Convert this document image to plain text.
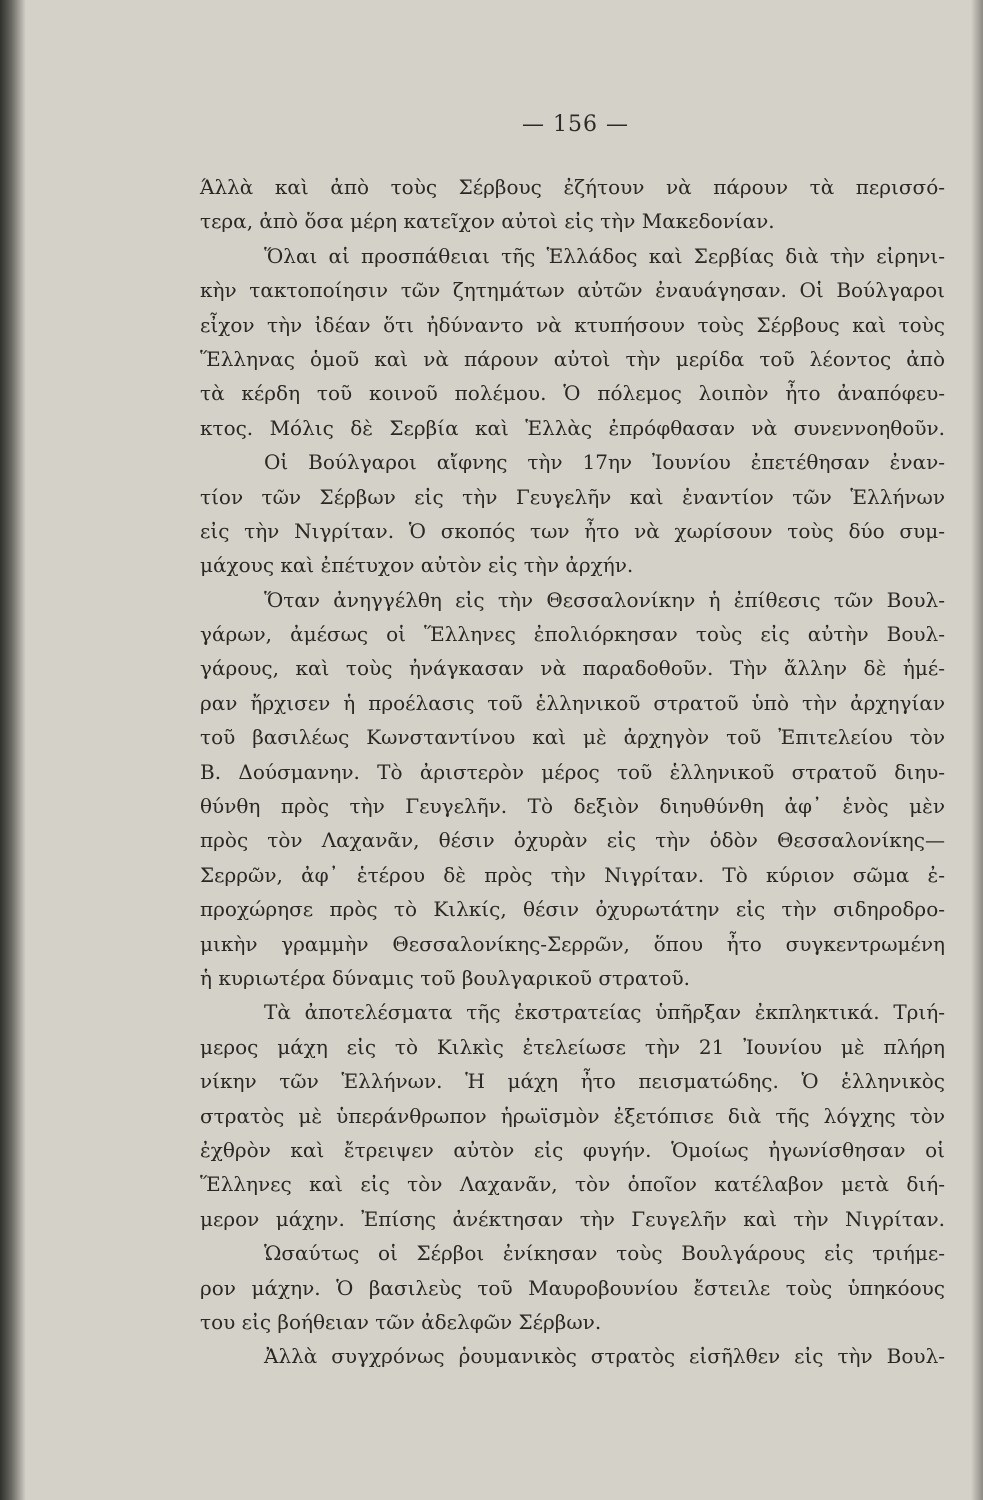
— 156 —
Άλλὰ καὶ ἀπὸ τοὺς Σέρβους ἐζήτουν νὰ πάρουν τὰ περισσό-
τερα, ἀπὸ ὅσα μέρη κατεῖχον αὐτοὶ εἰς τὴν Μακεδονίαν.
Ὅλαι αἱ προσπάθειαι τῆς Ἑλλάδος καὶ Σερβίας διὰ τὴν εἰρηνι-
κὴν τακτοποίησιν τῶν ζητημάτων αὐτῶν ἐναυάγησαν. Οἱ Βούλγαροι
εἶχον τὴν ἰδέαν ὅτι ἠδύναντο νὰ κτυπήσουν τοὺς Σέρβους καὶ τοὺς
Ἕλληνας ὁμοῦ καὶ νὰ πάρουν αὐτοὶ τὴν μερίδα τοῦ λέοντος ἀπὸ
τὰ κέρδη τοῦ κοινοῦ πολέμου. Ὁ πόλεμος λοιπὸν ἦτο ἀναπόφευ-
κτος. Μόλις δὲ Σερβία καὶ Ἑλλὰς ἐπρόφθασαν νὰ συνεννοηθοῦν.
Οἱ Βούλγαροι αἴφνης τὴν 17ην Ἰουνίου ἐπετέθησαν ἐναν-
τίον τῶν Σέρβων εἰς τὴν Γευγελῆν καὶ ἐναντίον τῶν Ἑλλήνων
εἰς τὴν Νιγρίταν. Ὁ σκοπός των ἦτο νὰ χωρίσουν τοὺς δύο συμ-
μάχους καὶ ἐπέτυχον αὐτὸν εἰς τὴν ἀρχήν.
Ὅταν ἀνηγγέλθη εἰς τὴν Θεσσαλονίκην ἡ ἐπίθεσις τῶν Βουλ-
γάρων, ἀμέσως οἱ Ἕλληνες ἐπολιόρκησαν τοὺς εἰς αὐτὴν Βουλ-
γάρους, καὶ τοὺς ἠνάγκασαν νὰ παραδοθοῦν. Τὴν ἄλλην δὲ ἡμέ-
ραν ἤρχισεν ἡ προέλασις τοῦ ἑλληνικοῦ στρατοῦ ὑπὸ τὴν ἀρχηγίαν
τοῦ βασιλέως Κωνσταντίνου καὶ μὲ ἀρχηγὸν τοῦ Ἐπιτελείου τὸν
Β. Δούσμανην. Τὸ ἀριστερὸν μέρος τοῦ ἑλληνικοῦ στρατοῦ διηυ-
θύνθη πρὸς τὴν Γευγελῆν. Τὸ δεξιὸν διηυθύνθη ἀφ᾽ ἑνὸς μὲν
πρὸς τὸν Λαχανᾶν, θέσιν ὀχυρὰν εἰς τὴν ὁδὸν Θεσσαλονίκης—
Σερρῶν, ἀφ᾽ ἑτέρου δὲ πρὸς τὴν Νιγρίταν. Τὸ κύριον σῶμα ἐ-
προχώρησε πρὸς τὸ Κιλκίς, θέσιν ὀχυρωτάτην εἰς τὴν σιδηροδρο-
μικὴν γραμμὴν Θεσσαλονίκης-Σερρῶν, ὅπου ἦτο συγκεντρωμένη
ἡ κυριωτέρα δύναμις τοῦ βουλγαρικοῦ στρατοῦ.
Τὰ ἀποτελέσματα τῆς ἐκστρατείας ὑπῆρξαν ἐκπληκτικά. Τριή-
μερος μάχη εἰς τὸ Κιλκὶς ἐτελείωσε τὴν 21 Ἰουνίου μὲ πλήρη
νίκην τῶν Ἑλλήνων. Ἡ μάχη ἦτο πεισματώδης. Ὁ ἑλληνικὸς
στρατὸς μὲ ὑπεράνθρωπον ἡρωϊσμὸν ἐξετόπισε διὰ τῆς λόγχης τὸν
ἐχθρὸν καὶ ἔτρειψεν αὐτὸν εἰς φυγήν. Ὁμοίως ἠγωνίσθησαν οἱ
Ἕλληνες καὶ εἰς τὸν Λαχανᾶν, τὸν ὁποῖον κατέλαβον μετὰ διή-
μερον μάχην. Ἐπίσης ἀνέκτησαν τὴν Γευγελῆν καὶ τὴν Νιγρίταν.
Ὡσαύτως οἱ Σέρβοι ἐνίκησαν τοὺς Βουλγάρους εἰς τριήμε-
ρον μάχην. Ὁ βασιλεὺς τοῦ Μαυροβουνίου ἔστειλε τοὺς ὑπηκόους
του εἰς βοήθειαν τῶν ἀδελφῶν Σέρβων.
Ἀλλὰ συγχρόνως ῥουμανικὸς στρατὸς εἰσῆλθεν εἰς τὴν Βουλ-
